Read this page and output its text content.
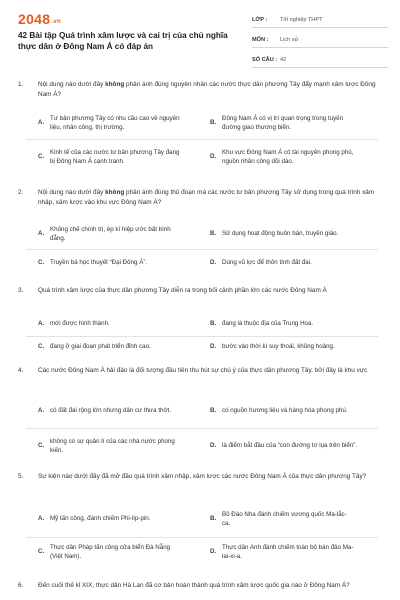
2048.vn
42 Bài tập Quá trình xâm lược và cai trị của chủ nghĩa thực dân ở Đông Nam Á có đáp án
LỚP :	Tốt nghiệp THPT
MÔN :	Lịch sử
SỐ CÂU : 42
1.	Nội dung nào dưới đây không phản ánh đúng nguyên nhân các nước thực dân phương Tây đẩy mạnh xâm lược Đông Nam Á?
A.
Tư bản phương Tây có nhu cầu cao về nguyên liệu, nhân công, thị trường.
B.
Đông Nam Á có vị trí quan trọng trong tuyến đường giao thương biển.
C.
Kinh tế của các nước tư bản phương Tây đang bị Đông Nam Á cạnh tranh.
D.
Khu vực Đông Nam Á có tài nguyên phong phú, nguồn nhân công dồi dào.
2.	Nội dung nào dưới đây không phản ánh đúng thủ đoạn mà các nước tư bản phương Tây sử dụng trong quá trình xâm nhập, xâm lược vào khu vực Đông Nam Á?
A.
Khống chế chính trị, ép kí hiệp ước bất bình đẳng.
B. Sử dụng hoạt động buôn bán, truyền giáo.
C. Truyền bá học thuyết “Đại Đông Á”.	D. Dùng vũ lực để thôn tính đất đai.
3.	Quá trình xâm lược của thực dân phương Tây diễn ra trong bối cảnh phần lớn các nước Đông Nam Á
A. mới được hình thành.	B. đang là thuộc địa của Trung Hoa.
C. đang ở giai đoạn phát triển đỉnh cao.	D. bước vào thời kì suy thoái, khủng hoảng.
4.	Các nước Đông Nam Á hải đảo là đối tượng đầu tiên thu hút sự chú ý của thực dân phương Tây, bởi đây là khu vực
A. có đất đai rộng lớn nhưng dân cư thưa thớt.	B. có nguồn hương liệu và hàng hóa phong phú.
C.
không có sự quản lí của các nhà nước phong kiến.
D. là điểm bắt đầu của “con đường tơ lụa trên biển”.
5.	Sự kiện nào dưới đây đã mở đầu quá trình xâm nhập, xâm lược các nước Đông Nam Á của thực dân phương Tây?
A. Mỹ tấn công, đánh chiếm Phi-líp-pin.	B.
Bồ Đào Nha đánh chiếm vương quốc Ma-lắc-ca.
C.
Thực dân Pháp tấn công cửa biển Đà Nẵng (Việt Nam).
D.
Thực dân Anh đánh chiếm toàn bộ bán đảo Ma-lai-xi-a.
6.	Đến cuối thế kỉ XIX, thực dân Hà Lan đã cơ bản hoàn thành quá trình xâm lược quốc gia nào ở Đông Nam Á?
